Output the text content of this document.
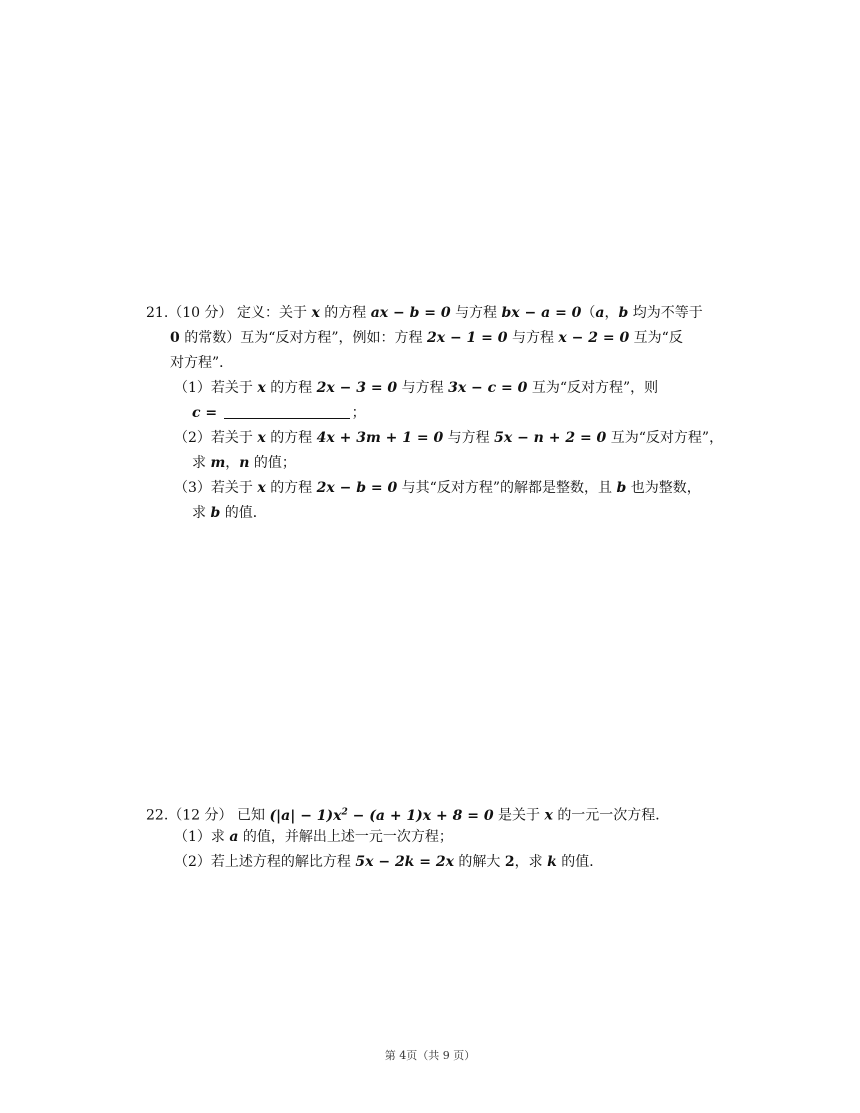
21.（10 分） 定义：关于 x 的方程 ax − b = 0 与方程 bx − a = 0（a，b 均为不等于
0 的常数）互为“反对方程”，例如：方程 2x − 1 = 0 与方程 x − 2 = 0 互为“反
对方程”．
（1）若关于 x 的方程 2x − 3 = 0 与方程 3x − c = 0 互为“反对方程”，则
c =	；
（2）若关于 x 的方程 4x + 3m + 1 = 0 与方程 5x − n + 2 = 0 互为“反对方程”，
求 m，n 的值；
（3）若关于 x 的方程 2x − b = 0 与其“反对方程”的解都是整数，且 b 也为整数，
求 b 的值．
22.（12 分） 已知 $(|a| - 1)x^2 - (a + 1)x + 8 = 0$ 是关于 x 的一元一次方程．
（1）求 a 的值，并解出上述一元一次方程；
（2）若上述方程的解比方程 5x − 2k = 2x 的解大 2，求 k 的值．
第 4页（共 9 页）
